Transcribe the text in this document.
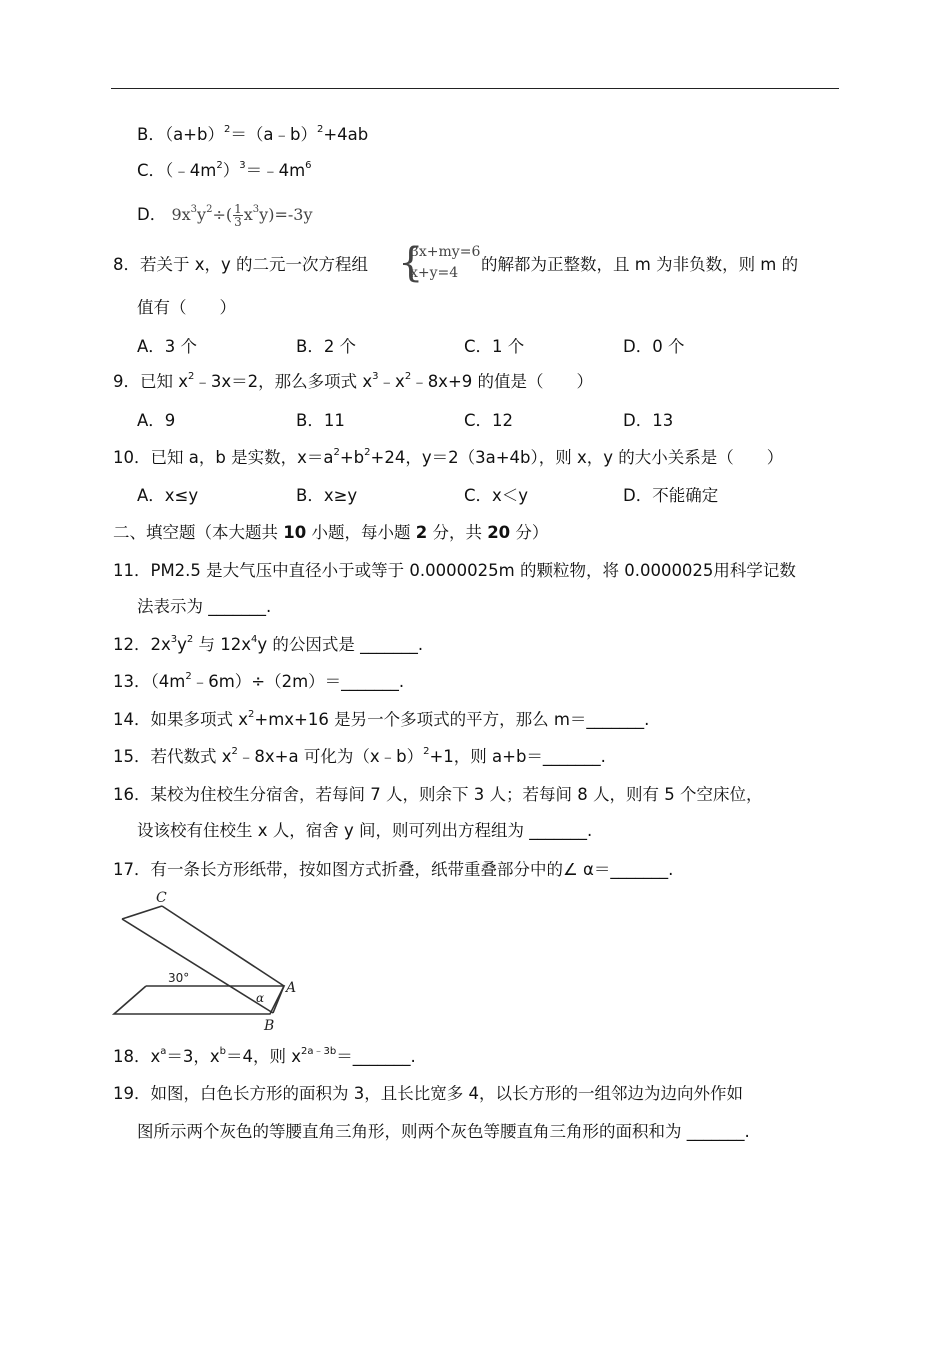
B．$(a+b)^2=(a﹣b)^2+4ab$
C．$(﹣4m^2)^3=﹣4m^6$
D． $9x^3y^2\div( \frac{1}{3} x^3y)=-3y$
8．若关于 x，y 的二元一次方程组 {
3x+my=6
x+y=4	的解都为正整数，且 m 为非负数，则 m 的
值有（　　）
A．3 个	B．2 个	C．1 个	D．0 个
9．已知 $x^2﹣3x=2$，那么多项式 $x^3﹣x^2﹣8x+9$ 的值是（　　）
A．9	B．11	C．12	D．13
10．已知 a，b 是实数，$x=a^2+b^2+24$，y＝2（3a+4b），则 x，y 的大小关系是（　　）
A．x≤y	B．x≥y	C．x＜y	D．不能确定
二、填空题（本大题共 10 小题，每小题 2 分，共 20 分）
11．PM2.5 是大气压中直径小于或等于 0.0000025m 的颗粒物，将 0.0000025用科学记数
法表示为 _______.
12．$2x^3y^2$ 与 $12x^4y$ 的公因式是 _______.
13．$(4m^2﹣6m)\div(2m)=\_\_\_\_\_\_\_$.
14．如果多项式 $x^2+mx+16$ 是另一个多项式的平方，那么 m＝_______.
15．若代数式 $x^2﹣8x+a$ 可化为（x﹣b）$^2$+1，则 a+b＝_______.
16．某校为住校生分宿舍，若每间 7 人，则余下 3 人；若每间 8 人，则有 5 个空床位，
设该校有住校生 x 人，宿舍 y 间，则可列出方程组为 _______.
17．有一条长方形纸带，按如图方式折叠，纸带重叠部分中的∠ α＝_______.
C
A
B
30°
α
18．$x^a=3$，$x^b=4$，则 $x^{2a﹣3b}=\_\_\_\_\_\_\_$.
19．如图，白色长方形的面积为 3，且长比宽多 4，以长方形的一组邻边为边向外作如
图所示两个灰色的等腰直角三角形，则两个灰色等腰直角三角形的面积和为 _______.
